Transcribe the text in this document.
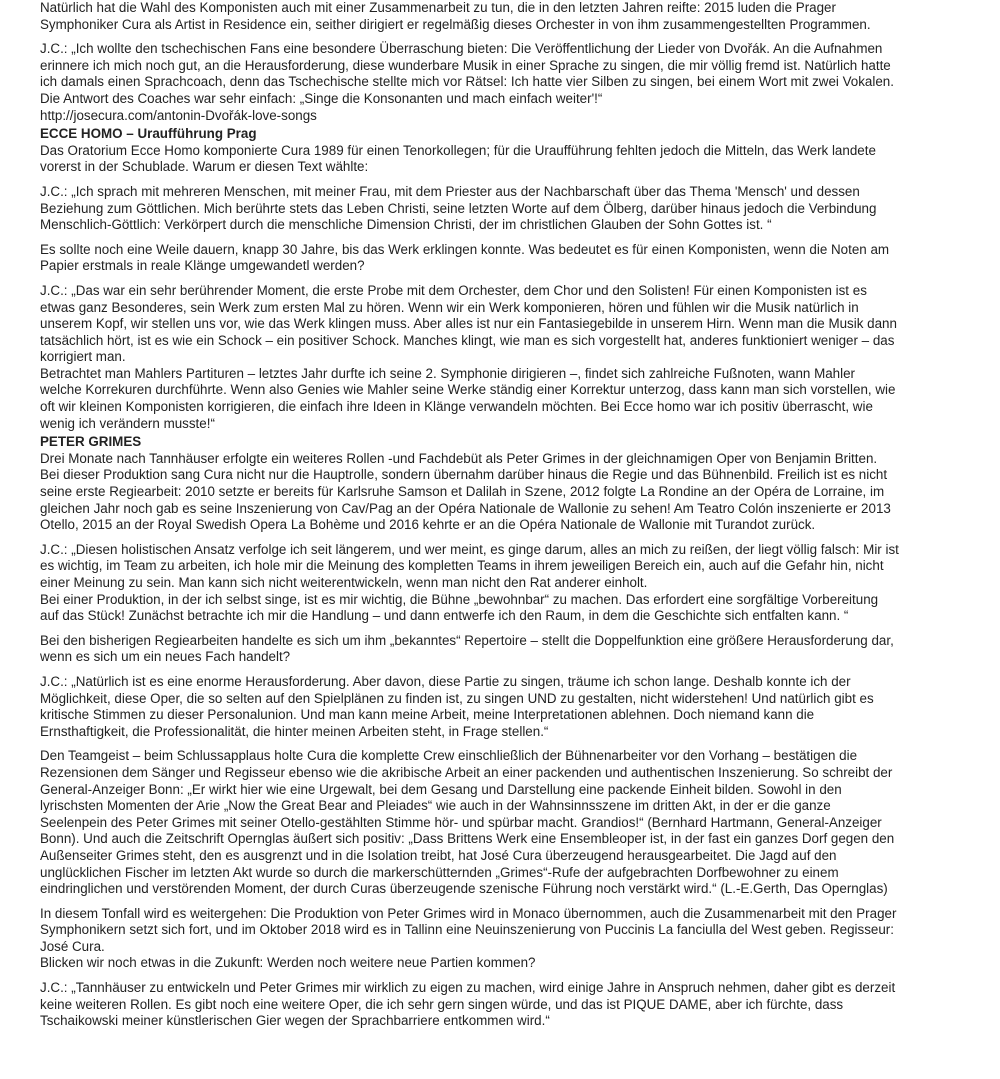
Natürlich hat die Wahl des Komponisten auch mit einer Zusammenarbeit zu tun, die in den letzten Jahren reifte: 2015 luden die Prager

Symphoniker Cura als Artist in Residence ein, seither dirigiert er regelmäßig dieses Orchester in von ihm zusammengestellten Programmen.

J.C.: „Ich wollte den tschechischen Fans eine besondere Überraschung bieten: Die Veröffentlichung der Lieder von Dvořák. An die Aufnahmen

erinnere ich mich noch gut, an die Herausforderung, diese wunderbare Musik in einer Sprache zu singen, die mir völlig fremd ist. Natürlich hatte

ich damals einen Sprachcoach, denn das Tschechische stellte mich vor Rätsel: Ich hatte vier Silben zu singen, bei einem Wort mit zwei Vokalen.

Die Antwort des Coaches war sehr einfach: „Singe die Konsonanten und mach einfach weiter'!“

http://josecura.com/antonin-Dvořák-love-songs

ECCE HOMO – Uraufführung Prag

Das Oratorium Ecce Homo komponierte Cura 1989 für einen Tenorkollegen; für die Uraufführung fehlten jedoch die Mitteln, das Werk landete

vorerst in der Schublade. Warum er diesen Text wählte:

J.C.: „Ich sprach mit mehreren Menschen, mit meiner Frau, mit dem Priester aus der Nachbarschaft über das Thema 'Mensch' und dessen

Beziehung zum Göttlichen. Mich berührte stets das Leben Christi, seine letzten Worte auf dem Ölberg, darüber hinaus jedoch die Verbindung

Menschlich-Göttlich: Verkörpert durch die menschliche Dimension Christi, der im christlichen Glauben der Sohn Gottes ist. “

Es sollte noch eine Weile dauern, knapp 30 Jahre, bis das Werk erklingen konnte. Was bedeutet es für einen Komponisten, wenn die Noten am

Papier erstmals in reale Klänge umgewandetl werden?

J.C.: „Das war ein sehr berührender Moment, die erste Probe mit dem Orchester, dem Chor und den Solisten! Für einen Komponisten ist es

etwas ganz Besonderes, sein Werk zum ersten Mal zu hören. Wenn wir ein Werk komponieren, hören und fühlen wir die Musik natürlich in

unserem Kopf, wir stellen uns vor, wie das Werk klingen muss. Aber alles ist nur ein Fantasiegebilde in unserem Hirn. Wenn man die Musik dann

tatsächlich hört, ist es wie ein Schock – ein positiver Schock. Manches klingt, wie man es sich vorgestellt hat, anderes funktioniert weniger – das

korrigiert man.

Betrachtet man Mahlers Partituren – letztes Jahr durfte ich seine 2. Symphonie dirigieren –, findet sich zahlreiche Fußnoten, wann Mahler

welche Korrekuren durchführte. Wenn also Genies wie Mahler seine Werke ständig einer Korrektur unterzog, dass kann man sich vorstellen, wie

oft wir kleinen Komponisten korrigieren, die einfach ihre Ideen in Klänge verwandeln möchten. Bei Ecce homo war ich positiv überrascht, wie

wenig ich verändern musste!“

PETER GRIMES

Drei Monate nach Tannhäuser erfolgte ein weiteres Rollen -und Fachdebüt als Peter Grimes in der gleichnamigen Oper von Benjamin Britten.

Bei dieser Produktion sang Cura nicht nur die Hauptrolle, sondern übernahm darüber hinaus die Regie und das Bühnenbild. Freilich ist es nicht

seine erste Regiearbeit: 2010 setzte er bereits für Karlsruhe Samson et Dalilah in Szene, 2012 folgte La Rondine an der Opéra de Lorraine, im

gleichen Jahr noch gab es seine Inszenierung von Cav/Pag an der Opéra Nationale de Wallonie zu sehen! Am Teatro Colón inszenierte er 2013

Otello, 2015 an der Royal Swedish Opera La Bohème und 2016 kehrte er an die Opéra Nationale de Wallonie mit Turandot zurück.

J.C.: „Diesen holistischen Ansatz verfolge ich seit längerem, und wer meint, es ginge darum, alles an mich zu reißen, der liegt völlig falsch: Mir ist

es wichtig, im Team zu arbeiten, ich hole mir die Meinung des kompletten Teams in ihrem jeweiligen Bereich ein, auch auf die Gefahr hin, nicht

einer Meinung zu sein. Man kann sich nicht weiterentwickeln, wenn man nicht den Rat anderer einholt.

Bei einer Produktion, in der ich selbst singe, ist es mir wichtig, die Bühne „bewohnbar“ zu machen. Das erfordert eine sorgfältige Vorbereitung

auf das Stück! Zunächst betrachte ich mir die Handlung – und dann entwerfe ich den Raum, in dem die Geschichte sich entfalten kann. “

Bei den bisherigen Regiearbeiten handelte es sich um ihm „bekanntes“ Repertoire – stellt die Doppelfunktion eine größere Herausforderung dar,

wenn es sich um ein neues Fach handelt?

J.C.: „Natürlich ist es eine enorme Herausforderung. Aber davon, diese Partie zu singen, träume ich schon lange. Deshalb konnte ich der

Möglichkeit, diese Oper, die so selten auf den Spielplänen zu finden ist, zu singen UND zu gestalten, nicht widerstehen! Und natürlich gibt es

kritische Stimmen zu dieser Personalunion. Und man kann meine Arbeit, meine Interpretationen ablehnen. Doch niemand kann die

Ernsthaftigkeit, die Professionalität, die hinter meinen Arbeiten steht, in Frage stellen.“

Den Teamgeist – beim Schlussapplaus holte Cura die komplette Crew einschließlich der Bühnenarbeiter vor den Vorhang – bestätigen die

Rezensionen dem Sänger und Regisseur ebenso wie die akribische Arbeit an einer packenden und authentischen Inszenierung. So schreibt der

General-Anzeiger Bonn: „Er wirkt hier wie eine Urgewalt, bei dem Gesang und Darstellung eine packende Einheit bilden. Sowohl in den

lyrischsten Momenten der Arie „Now the Great Bear and Pleiades“ wie auch in der Wahnsinnsszene im dritten Akt, in der er die ganze

Seelenpein des Peter Grimes mit seiner Otello-gestählten Stimme hör- und spürbar macht. Grandios!“ (Bernhard Hartmann, General-Anzeiger

Bonn). Und auch die Zeitschrift Opernglas äußert sich positiv: „Dass Brittens Werk eine Ensembleoper ist, in der fast ein ganzes Dorf gegen den

Außenseiter Grimes steht, den es ausgrenzt und in die Isolation treibt, hat José Cura überzeugend herausgearbeitet. Die Jagd auf den

unglücklichen Fischer im letzten Akt wurde so durch die markerschütternden „Grimes“-Rufe der aufgebrachten Dorfbewohner zu einem

eindringlichen und verstörenden Moment, der durch Curas überzeugende szenische Führung noch verstärkt wird.“ (L.-E.Gerth, Das Opernglas)

In diesem Tonfall wird es weitergehen: Die Produktion von Peter Grimes wird in Monaco übernommen, auch die Zusammenarbeit mit den Prager

Symphonikern setzt sich fort, und im Oktober 2018 wird es in Tallinn eine Neuinszenierung von Puccinis La fanciulla del West geben. Regisseur:

José Cura.

Blicken wir noch etwas in die Zukunft: Werden noch weitere neue Partien kommen?

J.C.: „Tannhäuser zu entwickeln und Peter Grimes mir wirklich zu eigen zu machen, wird einige Jahre in Anspruch nehmen, daher gibt es derzeit

keine weiteren Rollen. Es gibt noch eine weitere Oper, die ich sehr gern singen würde, und das ist PIQUE DAME, aber ich fürchte, dass

Tschaikowski meiner künstlerischen Gier wegen der Sprachbarriere entkommen wird.“
